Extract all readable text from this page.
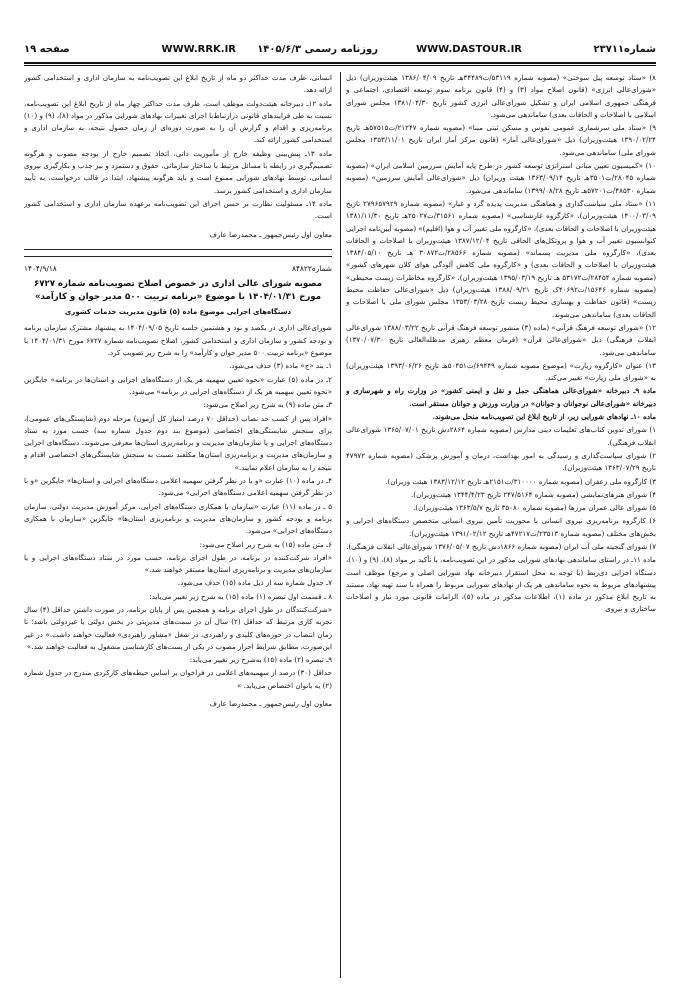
شماره۲۳۷۱۱
WWW.DASTOUR.IR
روزنامه رسمی ۱۴۰۵/۶/۳
WWW.RRK.IR
صفحه ۱۹

۸) «ستاد توسعه پیل سوختی» (مصوبه شماره ۵۳۱۱۹/ت۳۴۴۸۹هـ تاریخ ۱۳۸۶/۰۴/۰۹ هیئت‌وزیران) ذیل «شورای‌عالی انرژی» (قانون اصلاح مواد (۳) و (۴) قانون برنامه سوم توسعه اقتصادی، اجتماعی و فرهنگی جمهوری اسلامی ایران و تشکیل شورای‌عالی انرژی کشور تاریخ ۱۳۸۱/۰۴/۳۰ مجلس شورای اسلامی با اصلاحات و الحاقات بعدی) ساماندهی می‌شود.

۹) «ستاد ملی سرشماری عمومی نفوس و مسکن ثبتی مبنا» (مصوبه شماره ۲۱۲۴۷/ت۵۷۵۱۵هـ تاریخ ۱۳۹۰/۰۲/۲۴ هیئت‌وزیران) ذیل «شورای‌عالی آمار» (قانون مرکز آمار ایران تاریخ ۱۳۵۳/۱۱/۰۱ مجلس شورای ملی) ساماندهی می‌شود.

۱۰) «کمیسیون تعیین مبانی استراتژی توسعه کشور در طرح پایه آمایش سرزمین اسلامی ایران» (مصوبه شماره ۲۸۰۴۵/ت۳۵۰۱هـ تاریخ ۱۳۶۳/۰۹/۱۴ هیئت وزیران) ذیل «شورای‌عالی آمایش سرزمین» (مصوبه شماره ۴۸۵۳۰/ت۵۷۲۰۱هـ تاریخ ۱۳۹۹/۰۸/۲۸) ساماندهی می‌شود.

۱۱) «ستاد ملی سیاست‌گذاری و هماهنگی مدیریت پدیده گرد و غبار» (مصوبه شماره ۲۷۹۶۵۷۹۲۹ تاریخ ۱۴۰۰/۰۳/۰۹ هیئت‌وزیران)، «کارگروه غارشناسی» (مصوبه شماره ۳۱۵۶۱/ت۲۵۰۲۷هـ تاریخ ۱۳۸۱/۱۱/۳۰ هیئت‌وزیران با اصلاحات و الحاقات بعدی)، «کارگروه ملی تغییر آب و هوا (اقلیم)» (مصوبه آیین‌نامه اجرایی کنوانسیون تغییر آب و هوا و پروتکل‌های الحاقی تاریخ ۱۳۸۷/۱۲/۰۴ هیئت‌وزیران با اصلاحات و الحاقات بعدی)، «کارگروه ملی مدیریت پسماند» (مصوبه شماره ۲۸۵۶۶/ت۳۰۸۷۲ هـ تاریخ ۱۳۸۴/۰۵/۱۰ هیئت‌وزیران با اصلاحات و الحاقات بعدی) و «کارگروه ملی کاهش آلودگی هوای کلان شهرهای کشور» (مصوبه شماره ۲۸۴۵۴/ت۵۳۱۷۲ هـ تاریخ ۱۳۹۵/۰۳/۱۹ هیئت‌وزیران)، «کارگروه مخاطرات زیست محیطی» (مصوبه شماره ۱۵۶۴۶/ت۴۰۶۹۲ک تاریخ ۱۳۸۸/۰۹/۲۱ هیئت‌وزیران) ذیل «شورای‌عالی حفاظت محیط زیست» (قانون حفاظت و بهسازی محیط زیست تاریخ ۱۳۵۳/۰۳/۲۸ مجلس شورای ملی با اصلاحات و الحاقات بعدی) ساماندهی می‌شوند.

۱۲) «شورای توسعه فرهنگ قرآنی» (ماده (۳) منشور توسعه فرهنگ قرآنی تاریخ ۱۳۸۸/۰۳/۲۲ شورای‌عالی انقلاب فرهنگی) ذیل «شورای‌عالی قرآن» (فرمان معظم رهبری مدظله‌العالی تاریخ ۱۳۷۰/۰۷/۳۰) ساماندهی می‌شود.

۱۳) عنوان «کارگروه زیارت» (موضوع مصوبه شماره ۶۹۴۴۹/ت۵۰۴۵۱هـ تاریخ ۱۳۹۳/۰۶/۲۶ هیئت‌وزیران) به «شورای ملی زیارت» تغییر می‌کند.

ماده ۹ـ دبیرخانه «شورای‌عالی هماهنگی حمل و نقل و ایمنی کشور» در وزارت راه و شهرسازی و دبیرخانه «شورای‌عالی نوجوانان و جوانان» در وزارت ورزش و جوانان مستقر است.

ماده ۱۰ـ نهادهای شورایی زیر، از تاریخ ابلاغ این تصویب‌نامه منحل می‌شوند.

۱) شورای تدوین کتاب‌های تعلیمات دینی مدارس (مصوبه شماره ۲۸۶۴دش تاریخ ۱۳۶۵/۰۷/۰۱ شورای‌عالی انقلاب فرهنگی).

۲) شورای سیاست‌گذاری و رسیدگی به امور بهداشت، درمان و آموزش پزشکی (مصوبه شماره ۴۷۹۷۲ تاریخ ۱۳۶۳/۰۷/۲۹ هیئت‌وزیران).

۳) کارگروه ملی زعفران (مصوبه شماره ۳۱۰۰۰۰/ت۲۱۵۱هـ تاریخ ۱۳۸۳/۱۲/۱۲ هیئت وزیران).

۴) شورای هنرهای‌نمایشی (مصوبه شماره ۲۴۷/۵۱۶۴ تاریخ ۱۳۴۴/۴/۲۳ هیئت‌وزیران).

۵) شورای عالی عمران مرزها (مصوبه شماره ۳۵۰۸۰ تاریخ ۱۳۶۳/۵/۷ هیئت‌وزیران).

۶) کارگروه برنامه‌ریزی نیروی انسانی با محوریت تأمین نیروی انسانی متخصص دستگاه‌های اجرایی و بخش‌های مختلف (مصوبه شماره ۲۳۵۱۳/ت۴۷۲۱۷هـ تاریخ ۱۳۹۱/۰۲/۱۲ هیئت‌وزیران).

۷) شورای گنجینه ملی آب ایران (مصوبه شماره ۱۸۶۶دش تاریخ ۱۳۷۶/۰۵/۰۷ شورای‌عالی انقلاب فرهنگی).

ماده ۱۱ـ در راستای ساماندهی نهادهای شورایی مذکور در این تصویب‌نامه، با تأکید بر مواد (۸)، (۹) و (۱۰)، دستگاه اجرایی ذی‌ربط (با توجه به محل استقرار دبیرخانه نهاد شورایی اصلی و مرجع) موظف است پیشنهادهای مربوط به نحوه ساماندهی هر یک از نهادهای شورایی مربوط را همراه با سند تهیه نهاد، مستند به تاریخ ابلاغ مذکور در ماده (۱)، اطلاعات مذکور در ماده (۵)، الزامات قانونی مورد نیاز و اصلاحات ساختاری و نیروی

انسانی، ظرف مدت حداکثر دو ماه از تاریخ ابلاغ این تصویب‌نامه به سازمان اداری و استخدامی کشور ارائه دهد.

ماده ۱۲ـ دبیرخانه هیئت‌دولت موظف است، ظرف مدت حداکثر چهار ماه از تاریخ ابلاغ این تصویب‌نامه، نسبت به طی فرایندهای قانونی درارتباط‌با اجرای تغییرات نهادهای شورایی مذکور در مواد (۸)، (۹) و (۱۰) برنامه‌ریزی و اقدام و گزارش آن را به صورت دوره‌ای از زمان حصول نتیجه، به سازمان اداری و استخدامی کشور ارائه کند.

ماده ۱۳ـ پیش‌بینی وظیفه خارج از مأموریت ذاتی، اتخاذ تصمیم خارج از بودجه مصوب و هرگونه تصمیم‌گیری در رابطه با مسائل مرتبط با ساختار سازمانی، حقوق و دستمزد و نیز جذب و بکارگیری نیروی انسانی، توسط نهادهای شورایی ممنوع است و باید هرگونه پیشنهاد، ابتدا در قالب درخواست، به تأیید سازمان اداری و استخدامی کشور برسد.

ماده ۱۴ـ مسئولیت نظارت بر حسن اجرای این تصویب‌نامه برعهده سازمان اداری و استخدامی کشور است.

معاون اول رئیس‌جمهور ـ محمدرضا عارف

شماره۸۴۸۲۲
۱۴۰۴/۹/۱۸

مصوبه شورای عالی اداری در خصوص اصلاح تصویب‌نامه شماره ۶۷۲۷ مورخ ۱۴۰۴/۰۱/۳۱ با موضوع «برنامه تربیت ۵۰۰ مدیر جوان و کارآمد»

دستگاه‌های اجرایی موضوع ماده (۵) قانون مدیریت خدمات کشوری

شورای‌عالی اداری در یکصد و نود و هشتمین جلسه تاریخ ۱۴۰۴/۰۹/۰۵ به پیشنهاد مشترک سازمان برنامه و بودجه کشور و سازمان اداری و استخدامی کشور، اصلاح تصویب‌نامه شماره ۶۷۲۷ مورخ ۱۴۰۴/۰۱/۳۱ با موضوع «برنامه تربیت ۵۰۰ مدیر جوان و کارآمد» را به شرح زیر تصویب کرد.

۱ـ بند «ج» ماده (۳) حذف می‌شود.

۲ـ در ماده (۵) عبارت «نحوه تعیین سهمیه هر یک از دستگاه‌های اجرایی و استان‌ها در برنامه» جایگزین «نحوه تعیین سهمیه هر یک از دستگاه‌های اجرایی در برنامه» می‌شود.

۳ـ متن ماده (۹) به شرح زیر اصلاح می‌شود:

«افراد پس از کسب حد نصاب (حداقل ۷۰ درصد امتیاز کل آزمون) مرحله دوم (شایستگی‌های عمومی)، برای سنجش شایستگی‌های اختصاصی (موضوع بند دوم جدول شماره سه) حسب مورد به ستاد دستگاه‌های اجرایی و یا سازمان‌های مدیریت و برنامه‌ریزی استان‌ها معرفی می‌شوند. دستگاه‌های اجرایی و سازمان‌های مدیریت و برنامه‌ریزی استان‌ها مکلفند نسبت به سنجش شایستگی‌های اختصاصی اقدام و نتیجه را به سازمان اعلام نمایند.»

۴ـ در ماده (۱۰) عبارت «و با در نظر گرفتن سهمیه اعلامی دستگاه‌های اجرایی و استان‌ها» جایگزین «و با در نظر گرفتن سهمیه اعلامی دستگاه‌های اجرایی» می‌شود.

۵ ـ در ماده (۱۱) عبارت «سازمان با همکاری دستگاه‌های اجرایی، مرکز آموزش مدیریت دولتی، سازمان برنامه و بودجه کشور و سازمان‌های مدیریت و برنامه‌ریزی استان‌ها» جایگزین «سازمان با همکاری دستگاه‌های اجرایی» می‌شود.

۶ـ متن ماده (۱۵) به شرح زیر اصلاح می‌شود:

«افراد شرکت‌کننده در برنامه، در طول اجرای برنامه، حسب مورد در ستاد دستگاه‌های اجرایی و یا سازمان‌های مدیریت و برنامه‌ریزی استان‌ها مستقر خواهند شد.»

۷ـ جدول شماره سه از ذیل ماده (۱۵) حذف می‌شود.

۸ ـ قسمت اول تبصره (۱) ماده (۱۵) به شرح زیر تغییر می‌یابد:

«شرکت‌کنندگان در طول اجرای برنامه و همچنین پس از پایان برنامه، در صورت داشتن حداقل (۴) سال تجربه کاری مرتبط که حداقل (۲) سال آن در سمت‌های مدیریتی در بخش دولتی یا غیردولتی باشد؛ تا زمان انتصاب در حوزه‌های کلیدی و راهبردی، در شغل «مشاور راهبردی» فعالیت خواهند داشت.» در غیر این‌صورت، مطابق شرایط احراز مصوب در یکی از پست‌های کارشناسی مشغول به فعالیت خواهند شد.»

۹ـ تبصره (۲) ماده (۱۵) به‌شرح زیر تغییر می‌یابد:

حداقل (۳۰) درصد از سهمیه‌های اعلامی در فراخوان بر اساس حیطه‌های کارکردی مندرج در جدول شماره (۲) به بانوان اختصاص می‌یابد. »

معاون اول رئیس‌جمهور ـ محمدرضا عارف
